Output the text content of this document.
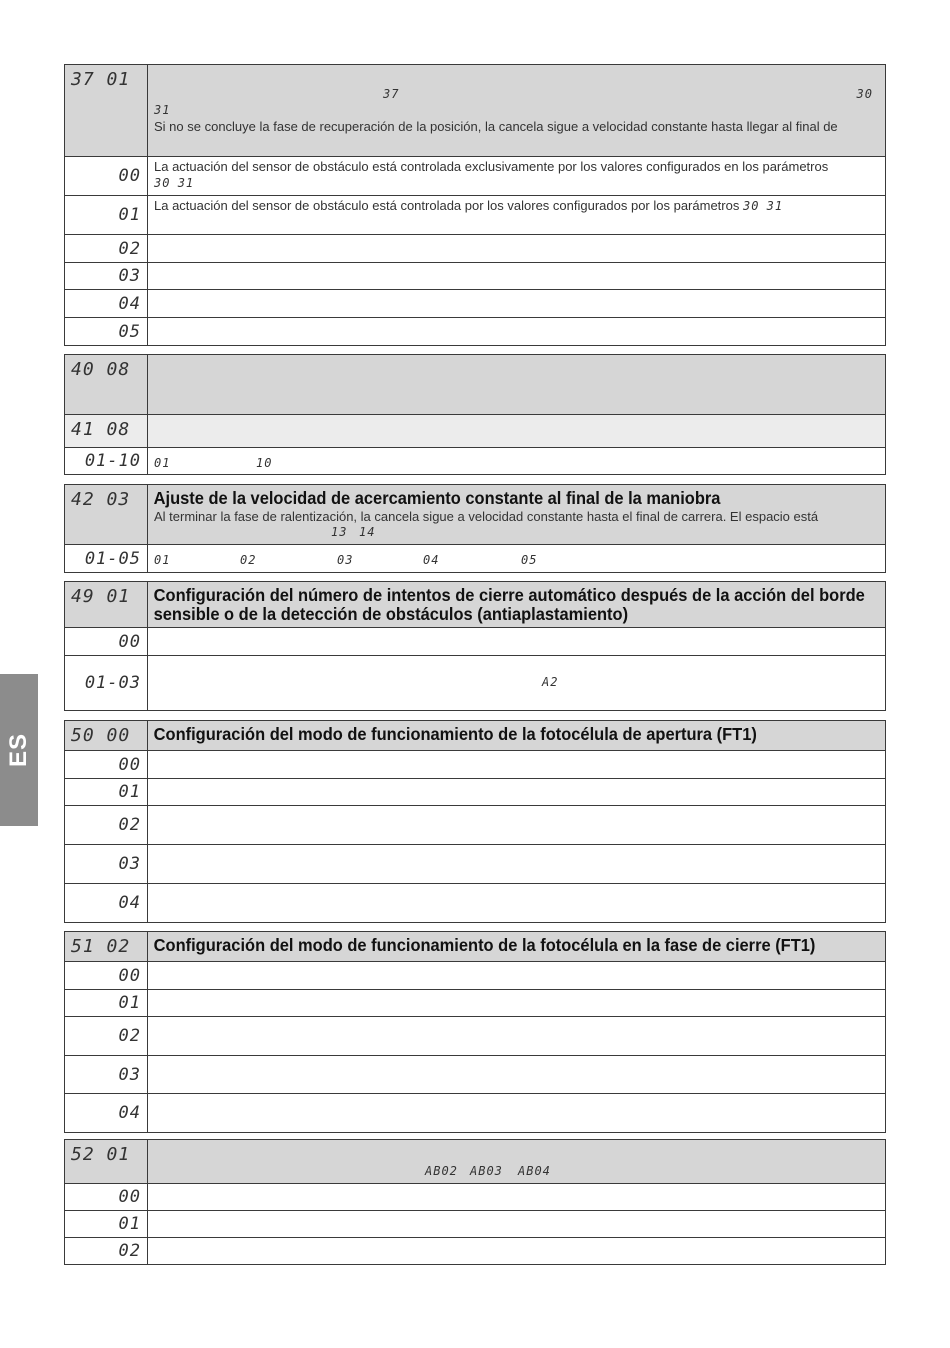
37 01	37 30
31
Si no se concluye la fase de recuperación de la posición, la cancela sigue a velocidad constante hasta llegar al final de

00	La actuación del sensor de obstáculo está controlada exclusivamente por los valores configurados en los parámetros
30 31

01	La actuación del sensor de obstáculo está controlada por los valores configurados por los parámetros 30 31

02	
03	
04	
05	
40 08	
41 08	
01-10	01 10
42 03	Ajuste de la velocidad de acercamiento constante al final de la maniobra
Al terminar la fase de ralentización, la cancela sigue a velocidad constante hasta el final de carrera. El espacio está
13 14

01-05	01 02 03 04 05
49 01	Configuración del número de intentos de cierre automático después de la acción del borde sensible o de la detección de obstáculos (antiaplastamiento)

00	
01-03	A2
50 00	Configuración del modo de funcionamiento de la fotocélula de apertura (FT1)

00	
01	
02	
03	
04	
51 02	Configuración del modo de funcionamiento de la fotocélula en la fase de cierre (FT1)

00	
01	
02	
03	
04	
52 01	AB02 AB03 AB04

00	
01	
02	
ES
